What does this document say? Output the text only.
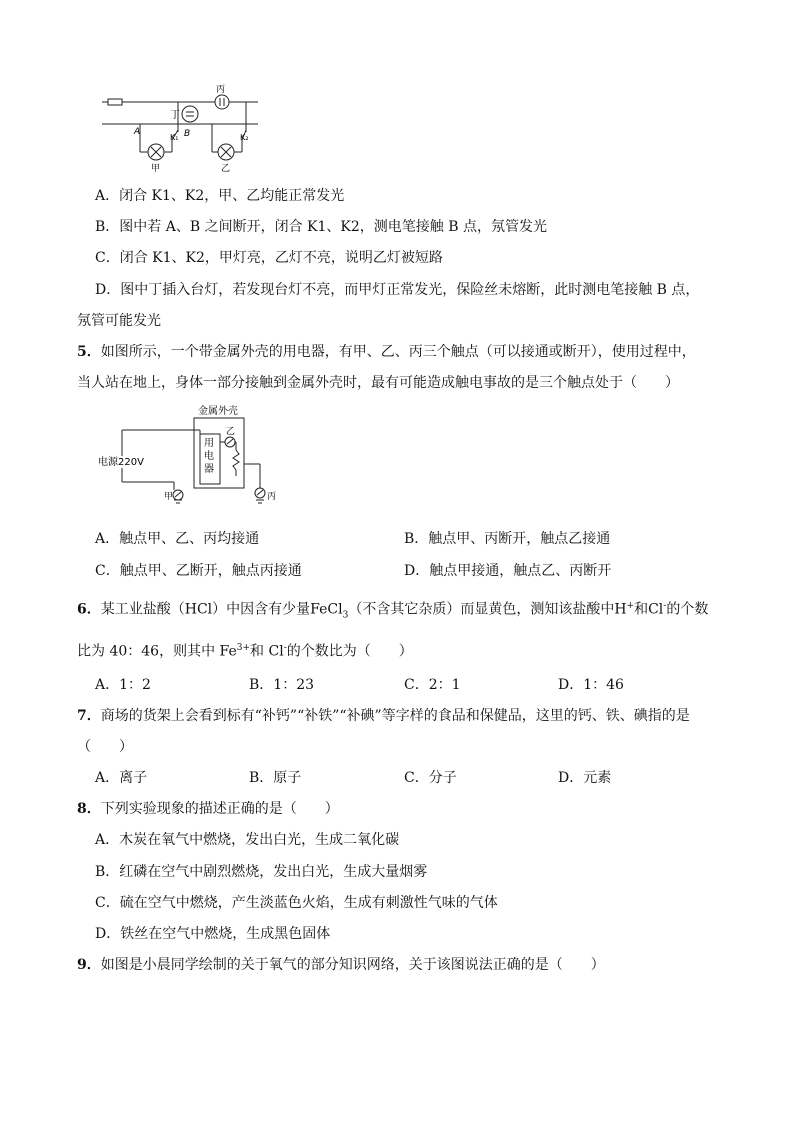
丙
丁
A	B
K₁	K₂
甲	乙
A．闭合 K1、K2，甲、乙均能正常发光
B．图中若 A、B 之间断开，闭合 K1、K2，测电笔接触 B 点，氖管发光
C．闭合 K1、K2，甲灯亮，乙灯不亮，说明乙灯被短路
D．图中丁插入台灯，若发现台灯不亮，而甲灯正常发光，保险丝未熔断，此时测电笔接触 B 点，
氖管可能发光
5．如图所示，一个带金属外壳的用电器，有甲、乙、丙三个触点（可以接通或断开），使用过程中，
当人站在地上，身体一部分接触到金属外壳时，最有可能造成触电事故的是三个触点处于（　　）
金属外壳
用
电
器
电源220V
乙
甲	丙
A．触点甲、乙、丙均接通	B．触点甲、丙断开，触点乙接通
C．触点甲、乙断开，触点丙接通	D．触点甲接通，触点乙、丙断开
6．某工业盐酸（HCl）中因含有少量FeCl$_3$（不含其它杂质）而显黄色，测知该盐酸中H+和Cl-的个数
比为 40：46，则其中 $Fe^{3+}$和 Cl-的个数比为（　　）
A．1：2	B．1：23	C．2：1	D．1：46
7．商场的货架上会看到标有“补钙”“补铁”“补碘”等字样的食品和保健品，这里的钙、铁、碘指的是
（　　）
A．离子	B．原子	C．分子	D．元素
8．下列实验现象的描述正确的是（　　）
A．木炭在氧气中燃烧，发出白光，生成二氧化碳
B．红磷在空气中剧烈燃烧，发出白光，生成大量烟雾
C．硫在空气中燃烧，产生淡蓝色火焰，生成有刺激性气味的气体
D．铁丝在空气中燃烧，生成黑色固体
9．如图是小晨同学绘制的关于氧气的部分知识网络，关于该图说法正确的是（　　）
